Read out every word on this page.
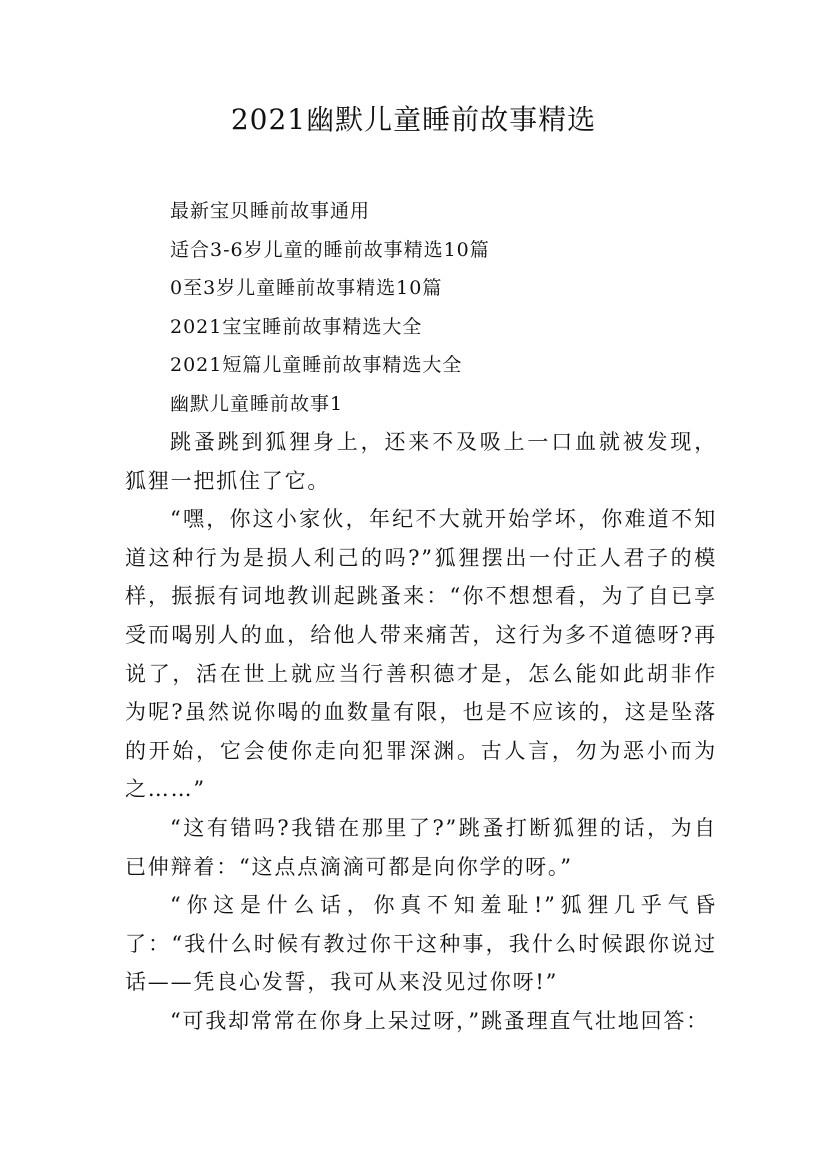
2021幽默儿童睡前故事精选
最新宝贝睡前故事通用
适合3-6岁儿童的睡前故事精选10篇
0至3岁儿童睡前故事精选10篇
2021宝宝睡前故事精选大全
2021短篇儿童睡前故事精选大全
幽默儿童睡前故事1

跳蚤跳到狐狸身上，还来不及吸上一口血就被发现，狐狸一把抓住了它。

“嘿，你这小家伙，年纪不大就开始学坏，你难道不知道这种行为是损人利己的吗?”狐狸摆出一付正人君子的模样，振振有词地教训起跳蚤来：“你不想想看，为了自已享受而喝别人的血，给他人带来痛苦，这行为多不道德呀?再说了，活在世上就应当行善积德才是，怎么能如此胡非作为呢?虽然说你喝的血数量有限，也是不应该的，这是坠落的开始，它会使你走向犯罪深渊。古人言，勿为恶小而为之……”

“这有错吗?我错在那里了?”跳蚤打断狐狸的话，为自已伸辩着：“这点点滴滴可都是向你学的呀。”

“你这是什么话，你真不知羞耻!”狐狸几乎气昏了：“我什么时候有教过你干这种事，我什么时候跟你说过话——凭良心发誓，我可从来没见过你呀!”

“可我却常常在你身上呆过呀，”跳蚤理直气壮地回答：
